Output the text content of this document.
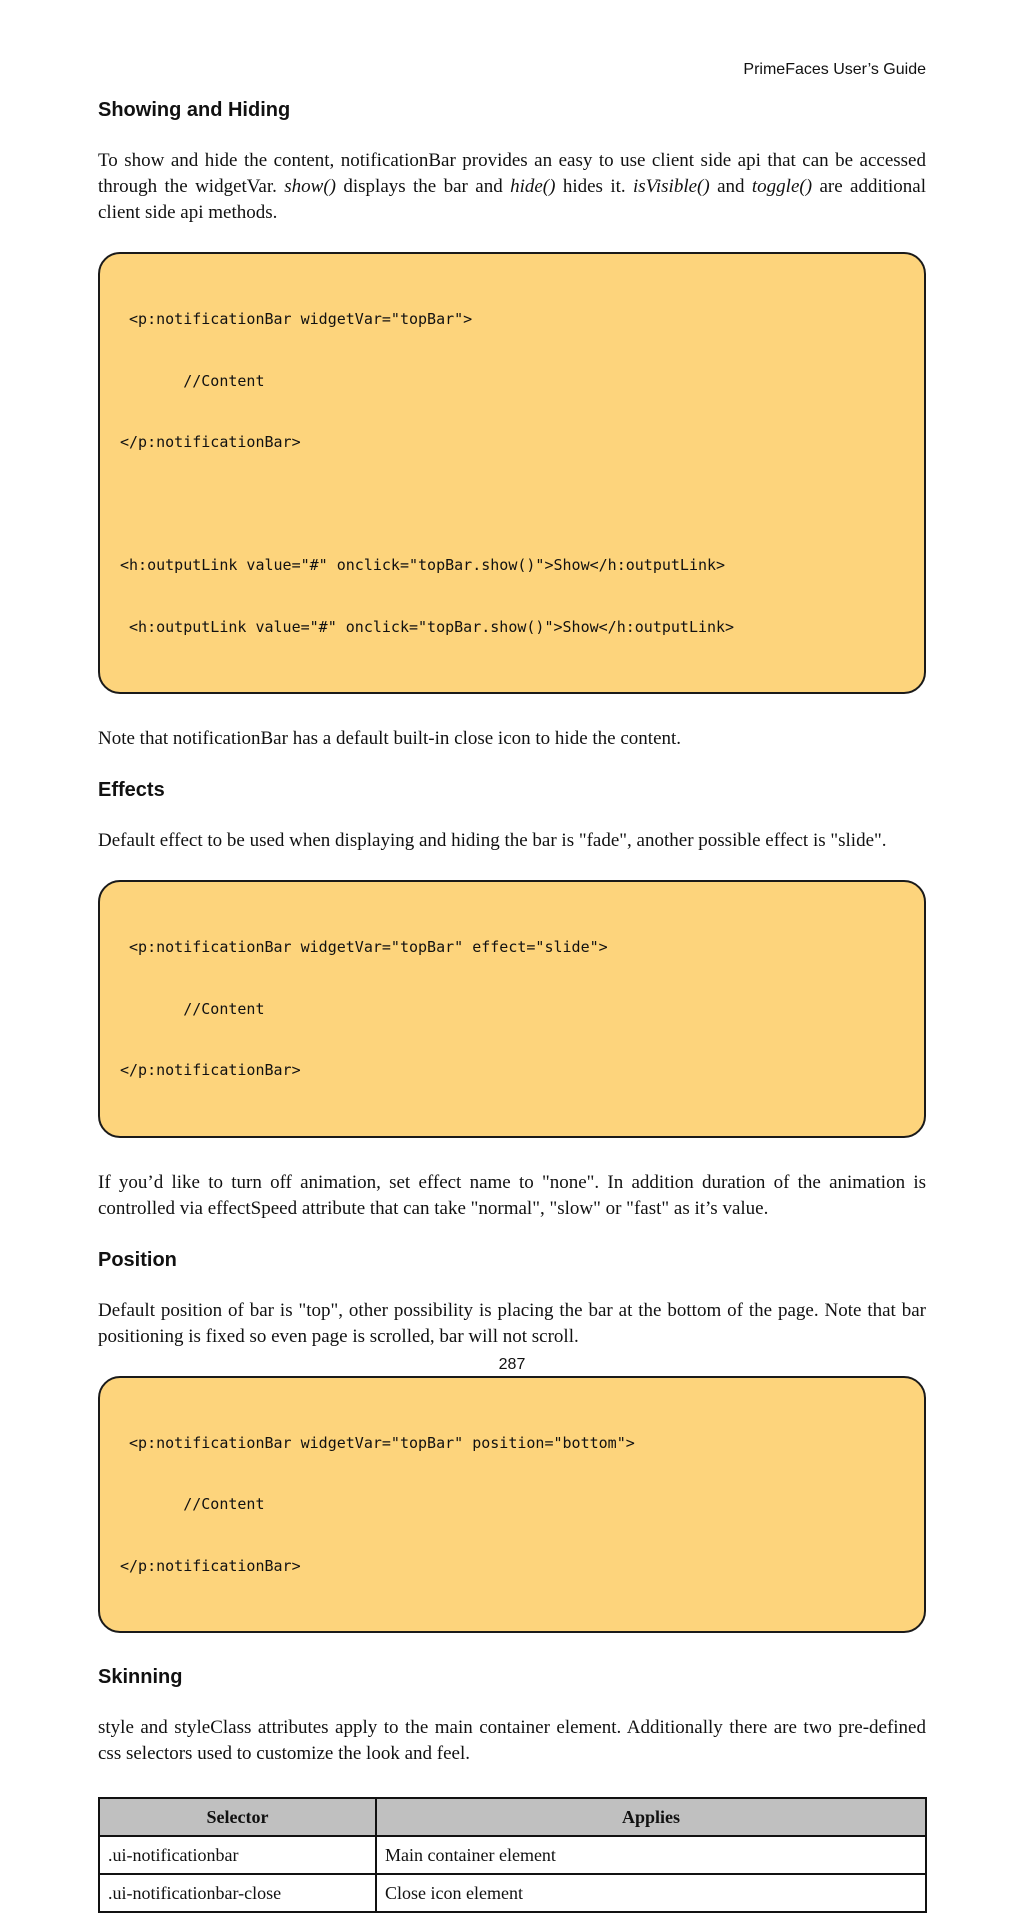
PrimeFaces User’s Guide
Showing and Hiding

To show and hide the content, notificationBar provides an easy to use client side api that can be accessed through the widgetVar. show() displays the bar and hide() hides it. isVisible() and toggle() are additional client side api methods.

<p:notificationBar widgetVar="topBar">

//Content

</p:notificationBar>

<h:outputLink value="#" onclick="topBar.show()">Show</h:outputLink>

<h:outputLink value="#" onclick="topBar.show()">Show</h:outputLink>

Note that notificationBar has a default built-in close icon to hide the content.

Effects

Default effect to be used when displaying and hiding the bar is "fade", another possible effect is "slide".

<p:notificationBar widgetVar="topBar" effect="slide">

//Content

</p:notificationBar>

If you’d like to turn off animation, set effect name to "none". In addition duration of the animation is controlled via effectSpeed attribute that can take "normal", "slow" or "fast" as it’s value.

Position

Default position of bar is "top", other possibility is placing the bar at the bottom of the page. Note that bar positioning is fixed so even page is scrolled, bar will not scroll.

<p:notificationBar widgetVar="topBar" position="bottom">

//Content

</p:notificationBar>

Skinning

style and styleClass attributes apply to the main container element. Additionally there are two pre-defined css selectors used to customize the look and feel.

Selector	Applies
.ui-notificationbar	Main container element
.ui-notificationbar-close	Close icon element
287
